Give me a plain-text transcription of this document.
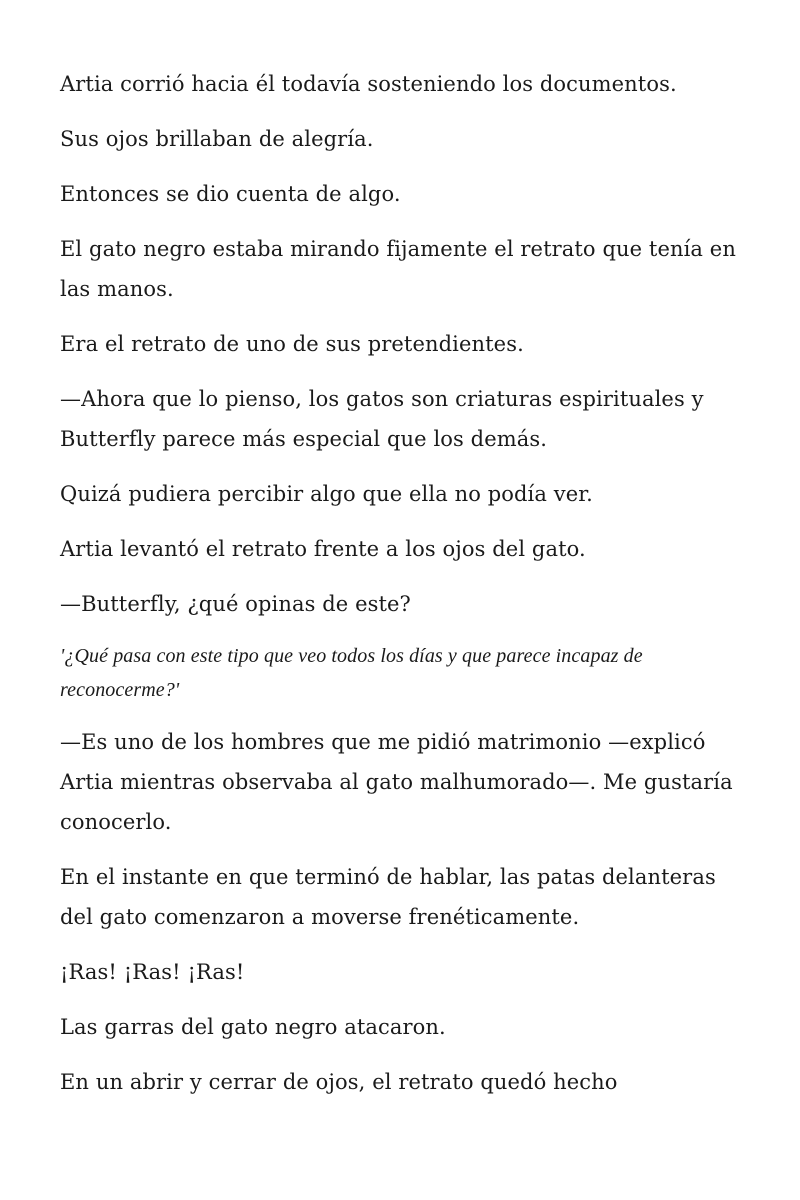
Artia corrió hacia él todavía sosteniendo los documentos.

Sus ojos brillaban de alegría.

Entonces se dio cuenta de algo.

El gato negro estaba mirando fijamente el retrato que tenía en las manos.

Era el retrato de uno de sus pretendientes.

—Ahora que lo pienso, los gatos son criaturas espirituales y Butterfly parece más especial que los demás.

Quizá pudiera percibir algo que ella no podía ver.

Artia levantó el retrato frente a los ojos del gato.

—Butterfly, ¿qué opinas de este?

'¿Qué pasa con este tipo que veo todos los días y que parece incapaz de reconocerme?'

—Es uno de los hombres que me pidió matrimonio —explicó Artia mientras observaba al gato malhumorado—. Me gustaría conocerlo.

En el instante en que terminó de hablar, las patas delanteras del gato comenzaron a moverse frenéticamente.

¡Ras! ¡Ras! ¡Ras!

Las garras del gato negro atacaron.

En un abrir y cerrar de ojos, el retrato quedó hecho
